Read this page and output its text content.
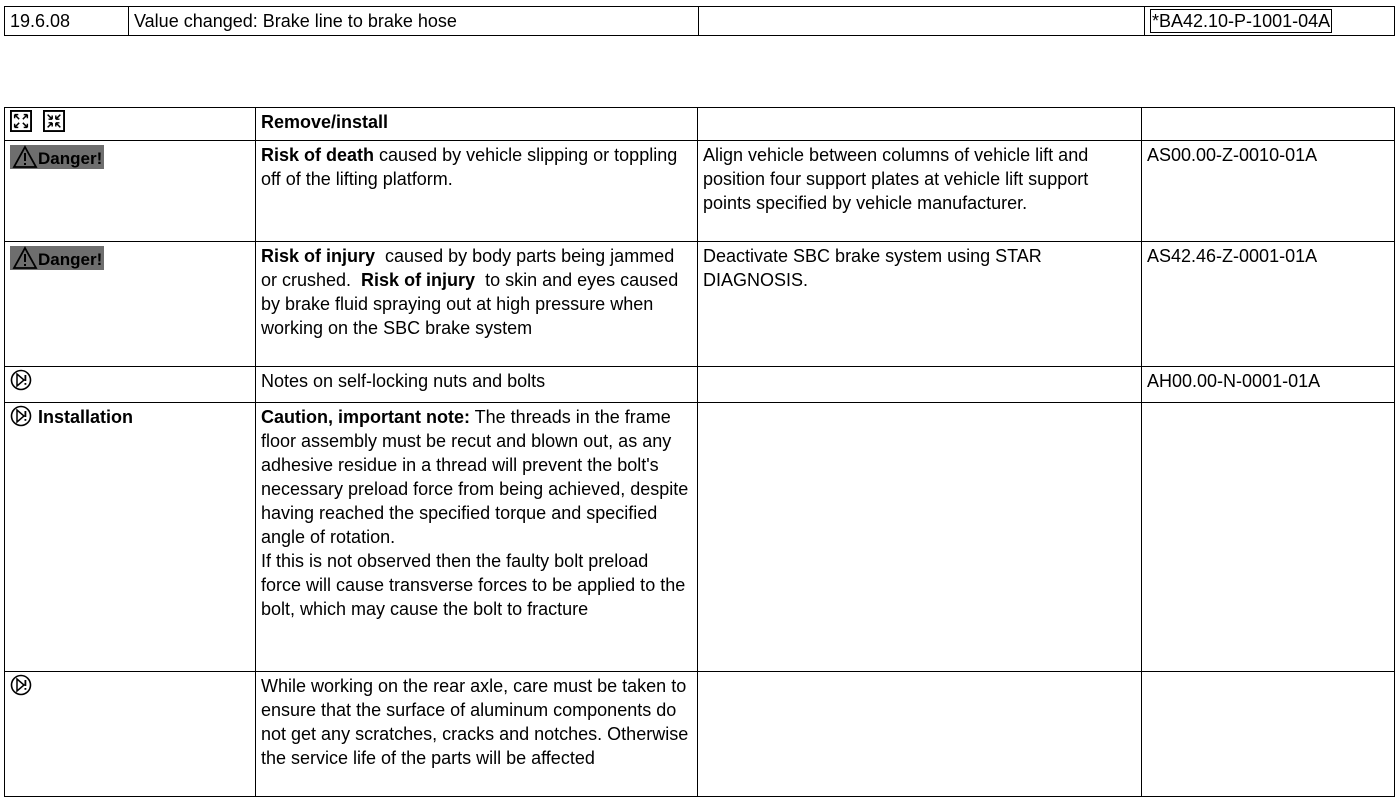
19.6.08	Value changed: Brake line to brake hose		*BA42.10-P-1001-04A
	Remove/install		

Danger!	Risk of death caused by vehicle slipping or toppling off of the lifting platform.	Align vehicle between columns of vehicle lift and position four support plates at vehicle lift support points specified by vehicle manufacturer.	AS00.00-Z-0010-01A

Danger!	Risk of injury  caused by body parts being jammed or crushed.  Risk of injury  to skin and eyes caused by brake fluid spraying out at high pressure when working on the SBC brake system	Deactivate SBC brake system using STAR DIAGNOSIS.	AS42.46-Z-0001-01A
	Notes on self-locking nuts and bolts		AH00.00-N-0001-01A
Installation	Caution, important note: The threads in the frame floor assembly must be recut and blown out, as any adhesive residue in a thread will prevent the bolt's necessary preload force from being achieved, despite having reached the specified torque and specified angle of rotation.
If this is not observed then the faulty bolt preload force will cause transverse forces to be applied to the bolt, which may cause the bolt to fracture		
	While working on the rear axle, care must be taken to ensure that the surface of aluminum components do not get any scratches, cracks and notches. Otherwise the service life of the parts will be affected		
